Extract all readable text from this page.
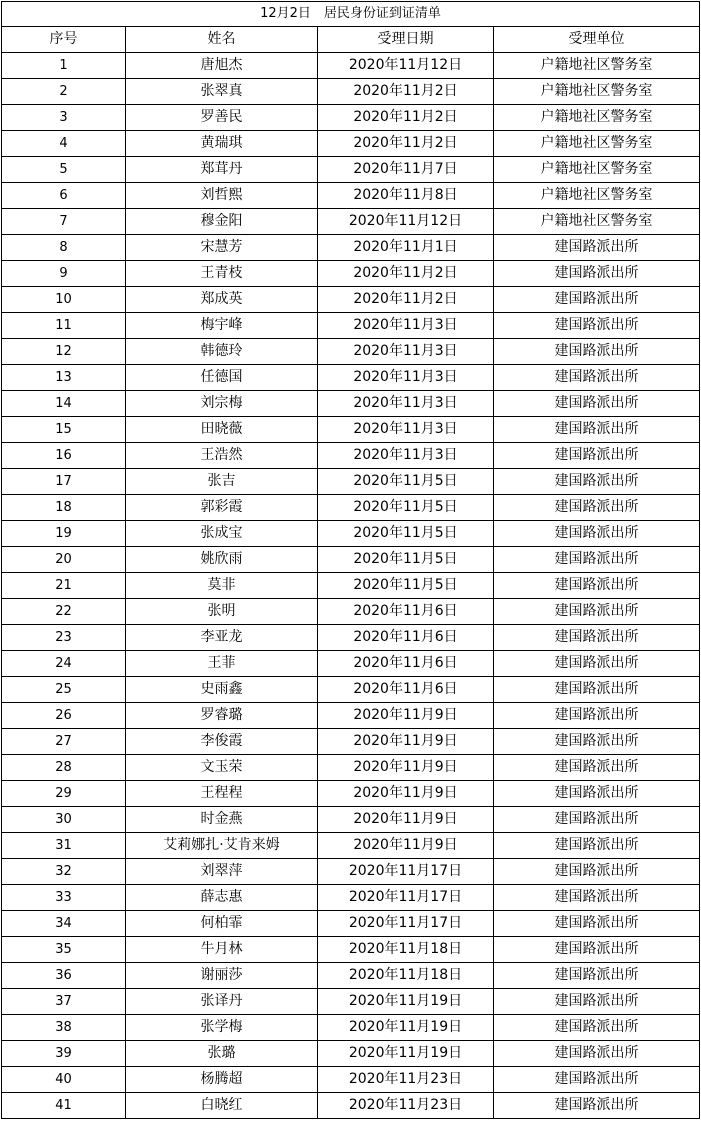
12月2日　居民身份证到证清单			
序号	姓名	受理日期	受理单位
1	唐旭杰	2020年11月12日	户籍地社区警务室
2	张翠真	2020年11月2日	户籍地社区警务室
3	罗善民	2020年11月2日	户籍地社区警务室
4	黄瑞琪	2020年11月2日	户籍地社区警务室
5	郑茸丹	2020年11月7日	户籍地社区警务室
6	刘哲熙	2020年11月8日	户籍地社区警务室
7	穆金阳	2020年11月12日	户籍地社区警务室
8	宋慧芳	2020年11月1日	建国路派出所
9	王青枝	2020年11月2日	建国路派出所
10	郑成英	2020年11月2日	建国路派出所
11	梅宇峰	2020年11月3日	建国路派出所
12	韩德玲	2020年11月3日	建国路派出所
13	任德国	2020年11月3日	建国路派出所
14	刘宗梅	2020年11月3日	建国路派出所
15	田晓薇	2020年11月3日	建国路派出所
16	王浩然	2020年11月3日	建国路派出所
17	张吉	2020年11月5日	建国路派出所
18	郭彩霞	2020年11月5日	建国路派出所
19	张成宝	2020年11月5日	建国路派出所
20	姚欣雨	2020年11月5日	建国路派出所
21	莫非	2020年11月5日	建国路派出所
22	张明	2020年11月6日	建国路派出所
23	李亚龙	2020年11月6日	建国路派出所
24	王菲	2020年11月6日	建国路派出所
25	史雨鑫	2020年11月6日	建国路派出所
26	罗睿璐	2020年11月9日	建国路派出所
27	李俊霞	2020年11月9日	建国路派出所
28	文玉荣	2020年11月9日	建国路派出所
29	王程程	2020年11月9日	建国路派出所
30	时金燕	2020年11月9日	建国路派出所
31	艾莉娜扎·艾肯来姆	2020年11月9日	建国路派出所
32	刘翠萍	2020年11月17日	建国路派出所
33	薛志惠	2020年11月17日	建国路派出所
34	何柏霏	2020年11月17日	建国路派出所
35	牛月林	2020年11月18日	建国路派出所
36	谢丽莎	2020年11月18日	建国路派出所
37	张译丹	2020年11月19日	建国路派出所
38	张学梅	2020年11月19日	建国路派出所
39	张璐	2020年11月19日	建国路派出所
40	杨腾超	2020年11月23日	建国路派出所
41	白晓红	2020年11月23日	建国路派出所
